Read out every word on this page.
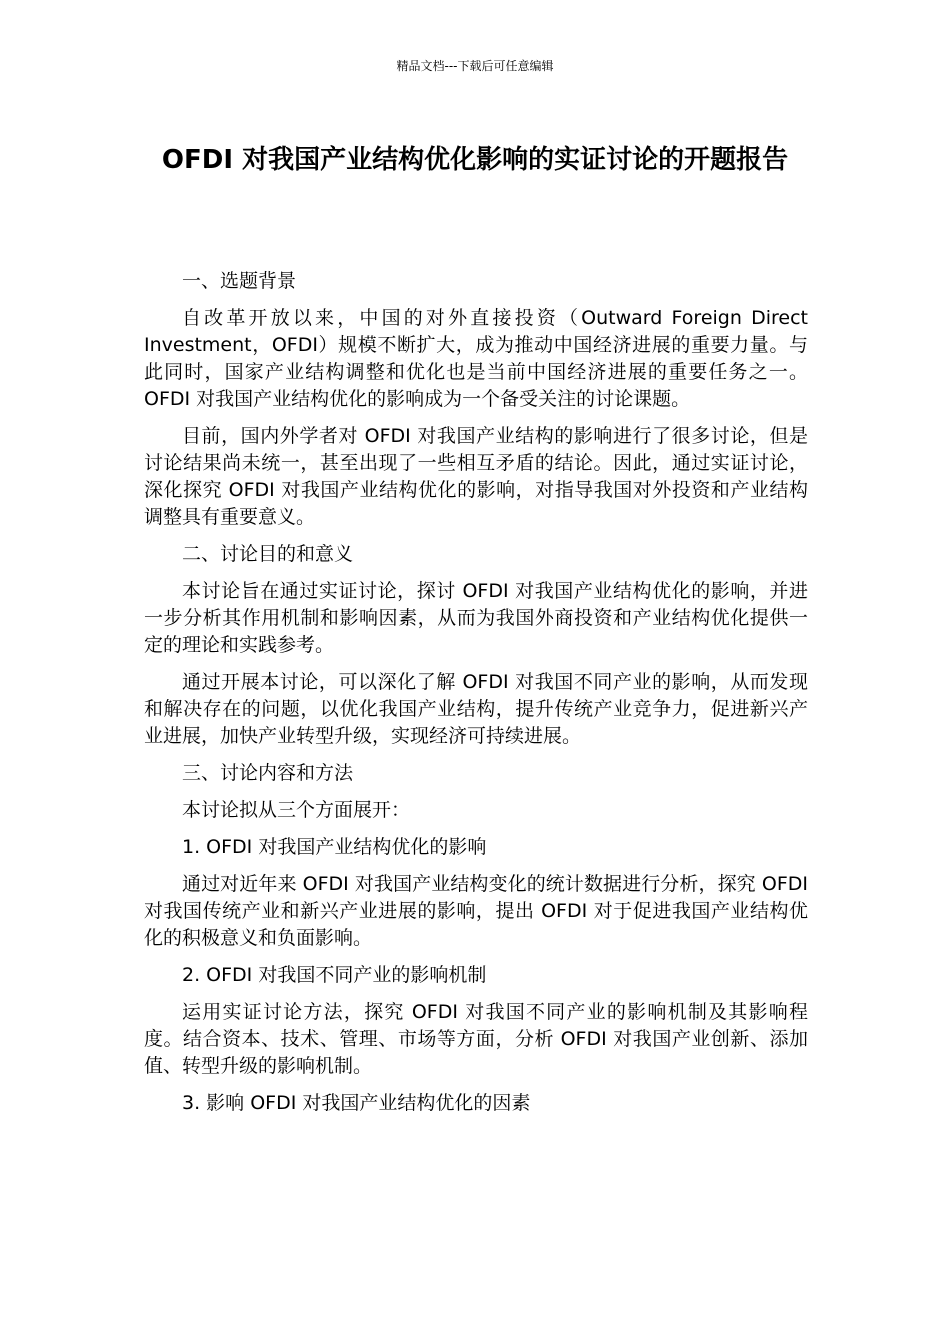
精品文档---下载后可任意编辑
OFDI 对我国产业结构优化影响的实证讨论的开题报告

一、选题背景

自改革开放以来，中国的对外直接投资（Outward Foreign Direct Investment，OFDI）规模不断扩大，成为推动中国经济进展的重要力量。与此同时，国家产业结构调整和优化也是当前中国经济进展的重要任务之一。OFDI 对我国产业结构优化的影响成为一个备受关注的讨论课题。

目前，国内外学者对 OFDI 对我国产业结构的影响进行了很多讨论，但是讨论结果尚未统一，甚至出现了一些相互矛盾的结论。因此，通过实证讨论，深化探究 OFDI 对我国产业结构优化的影响，对指导我国对外投资和产业结构调整具有重要意义。

二、讨论目的和意义

本讨论旨在通过实证讨论，探讨 OFDI 对我国产业结构优化的影响，并进一步分析其作用机制和影响因素，从而为我国外商投资和产业结构优化提供一定的理论和实践参考。

通过开展本讨论，可以深化了解 OFDI 对我国不同产业的影响，从而发现和解决存在的问题，以优化我国产业结构，提升传统产业竞争力，促进新兴产业进展，加快产业转型升级，实现经济可持续进展。

三、讨论内容和方法

本讨论拟从三个方面展开：

1. OFDI 对我国产业结构优化的影响

通过对近年来 OFDI 对我国产业结构变化的统计数据进行分析，探究 OFDI 对我国传统产业和新兴产业进展的影响，提出 OFDI 对于促进我国产业结构优化的积极意义和负面影响。

2. OFDI 对我国不同产业的影响机制

运用实证讨论方法，探究 OFDI 对我国不同产业的影响机制及其影响程度。结合资本、技术、管理、市场等方面，分析 OFDI 对我国产业创新、添加值、转型升级的影响机制。

3. 影响 OFDI 对我国产业结构优化的因素
